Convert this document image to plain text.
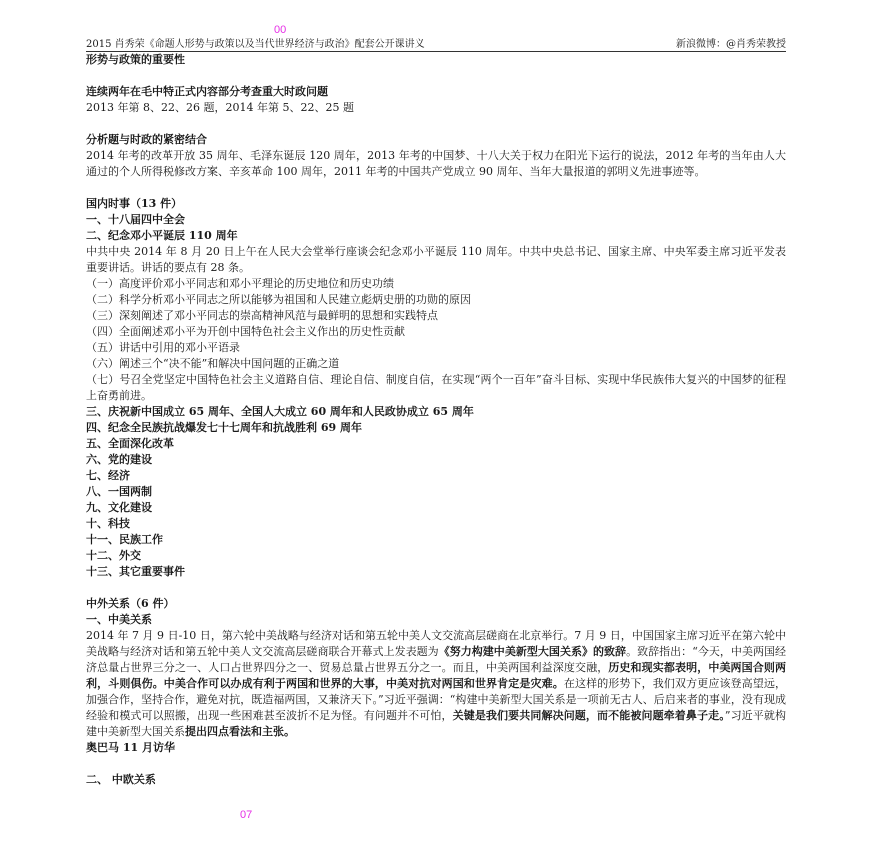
00
2015 肖秀荣《命题人形势与政策以及当代世界经济与政治》配套公开课讲义	新浪微博：@肖秀荣教授

形势与政策的重要性

连续两年在毛中特正式内容部分考查重大时政问题

2013 年第 8、22、26 题，2014 年第 5、22、25 题

分析题与时政的紧密结合

2014 年考的改革开放 35 周年、毛泽东诞辰 120 周年，2013 年考的中国梦、十八大关于权力在阳光下运行的说法，2012 年考的当年由人大通过的个人所得税修改方案、辛亥革命 100 周年，2011 年考的中国共产党成立 90 周年、当年大量报道的郭明义先进事迹等。

国内时事（13 件）

一、十八届四中全会

二、纪念邓小平诞辰 110 周年

中共中央 2014 年 8 月 20 日上午在人民大会堂举行座谈会纪念邓小平诞辰 110 周年。中共中央总书记、国家主席、中央军委主席习近平发表重要讲话。讲话的要点有 28 条。

（一）高度评价邓小平同志和邓小平理论的历史地位和历史功绩

（二）科学分析邓小平同志之所以能够为祖国和人民建立彪炳史册的功勋的原因

（三）深刻阐述了邓小平同志的崇高精神风范与最鲜明的思想和实践特点

（四）全面阐述邓小平为开创中国特色社会主义作出的历史性贡献

（五）讲话中引用的邓小平语录

（六）阐述三个“决不能”和解决中国问题的正确之道

（七）号召全党坚定中国特色社会主义道路自信、理论自信、制度自信，在实现“两个一百年”奋斗目标、实现中华民族伟大复兴的中国梦的征程上奋勇前进。

三、庆祝新中国成立 65 周年、全国人大成立 60 周年和人民政协成立 65 周年

四、纪念全民族抗战爆发七十七周年和抗战胜利 69 周年

五、全面深化改革

六、党的建设

七、经济

八、一国两制

九、文化建设

十、科技

十一、民族工作

十二、外交

十三、其它重要事件

中外关系（6 件）

一、中美关系

2014 年 7 月 9 日-10 日，第六轮中美战略与经济对话和第五轮中美人文交流高层磋商在北京举行。7 月 9 日，中国国家主席习近平在第六轮中美战略与经济对话和第五轮中美人文交流高层磋商联合开幕式上发表题为《努力构建中美新型大国关系》的致辞。致辞指出：“今天，中美两国经济总量占世界三分之一、人口占世界四分之一、贸易总量占世界五分之一。而且，中美两国利益深度交融，历史和现实都表明，中美两国合则两利，斗则俱伤。中美合作可以办成有利于两国和世界的大事，中美对抗对两国和世界肯定是灾难。在这样的形势下，我们双方更应该登高望远，加强合作，坚持合作，避免对抗，既造福两国，又兼济天下。”习近平强调：“构建中美新型大国关系是一项前无古人、后启来者的事业，没有现成经验和模式可以照搬，出现一些困难甚至波折不足为怪。有问题并不可怕，关键是我们要共同解决问题，而不能被问题牵着鼻子走。”习近平就构建中美新型大国关系提出四点看法和主张。

奥巴马 11 月访华

二、 中欧关系

07
